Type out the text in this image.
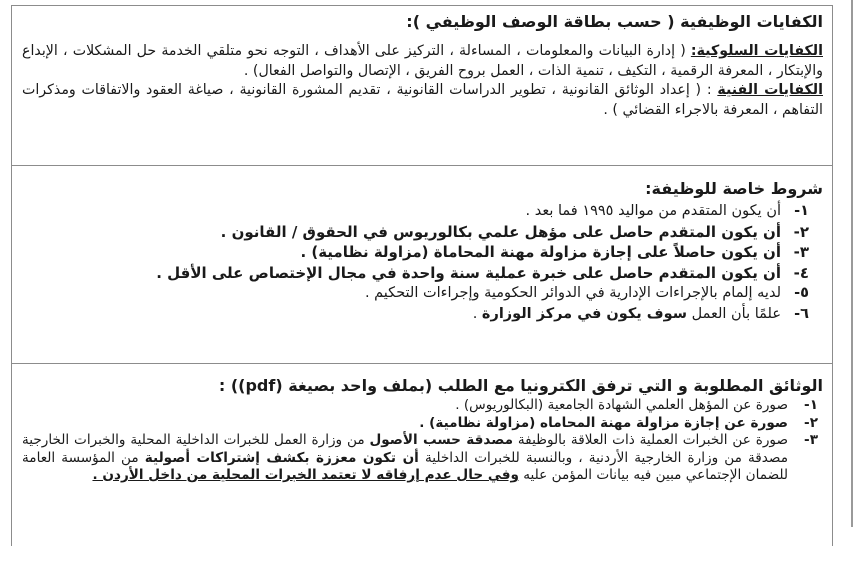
الكفايات الوظيفية ( حسب بطاقة الوصف الوظيفي ):
الكفايات السلوكية: ( إدارة البيانات والمعلومات ، المساءلة ، التركيز على الأهداف ، التوجه نحو متلقي الخدمة حل المشكلات ، الإبداع والإبتكار ، المعرفة الرقمية ، التكيف ، تنمية الذات ، العمل بروح الفريق ، الإتصال والتواصل الفعال) .
الكفايات الفنية : ( إعداد الوثائق القانونية ، تطوير الدراسات القانونية ، تقديم المشورة القانونية ، صياغة العقود والاتفاقات ومذكرات التفاهم ، المعرفة بالاجراء القضائي ) .
شروط خاصة للوظيفة:
١-
أن يكون المتقدم من مواليد ١٩٩٥ فما بعد .
٢-
أن يكون المتقدم حاصل على مؤهل علمي بكالوريوس في الحقوق / القانون .
٣-
أن يكون حاصلاً على إجازة مزاولة مهنة المحاماة (مزاولة نظامية) .
٤-
أن يكون المتقدم حاصل على خبرة عملية سنة واحدة في مجال الإختصاص على الأقل .
٥-
لديه إلمام بالإجراءات الإدارية في الدوائر الحكومية وإجراءات التحكيم .
٦-
علمًا بأن العمل سوف يكون في مركز الوزارة .
الوثائق المطلوبة و التي ترفق الكترونيا مع الطلب (بملف واحد بصيغة (pdf)) :
١-
صورة عن المؤهل العلمي الشهادة الجامعية (البكالوريوس) .
٢-
صورة عن إجازة مزاولة مهنة المحاماه (مزاولة نظامية) .
٣-
صورة عن الخبرات العملية ذات العلاقة بالوظيفة مصدقة حسب الأصول من وزارة العمل للخبرات الداخلية المحلية والخبرات الخارجية مصدقة من وزارة الخارجية الأردنية ، وبالنسبة للخبرات الداخلية أن تكون معززة بكشف إشتراكات أصولية من المؤسسة العامة للضمان الإجتماعي مبين فيه بيانات المؤمن عليه وفي حال عدم إرفاقه لا تعتمد الخبرات المحلية من داخل الأردن .
